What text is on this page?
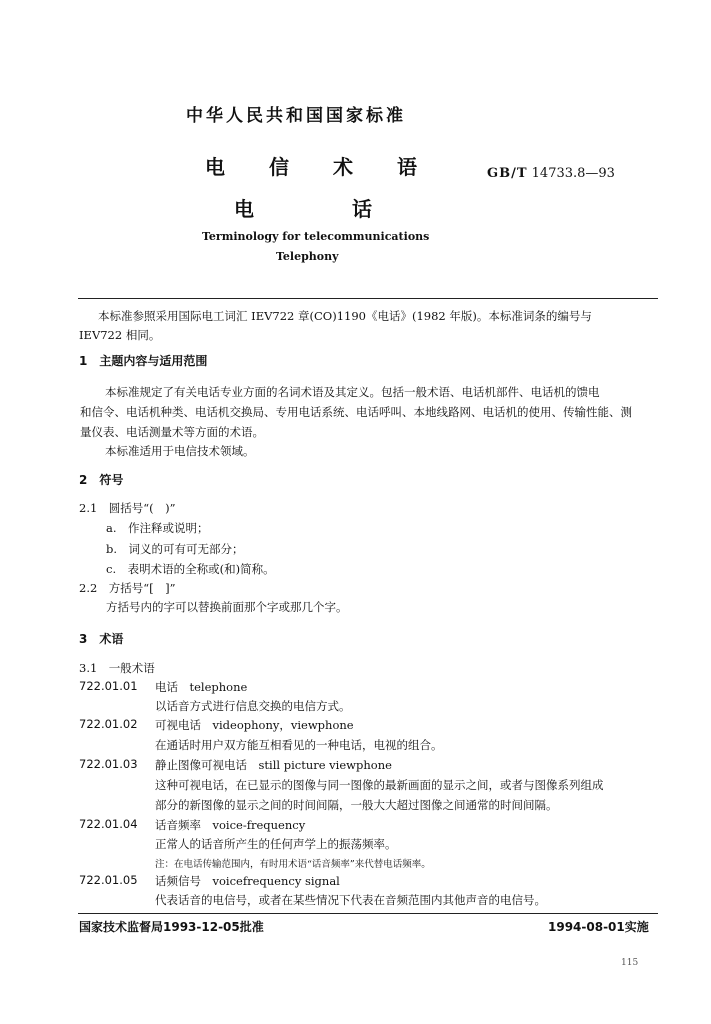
中华人民共和国国家标准
电信术语 GB/T 14733.8—93
电话
Terminology for telecommunications
Telephony
本标准参照采用国际电工词汇 IEV722 章(CO)1190《电话》(1982 年版)。本标准词条的编号与
IEV722 相同。
1　主题内容与适用范围
本标准规定了有关电话专业方面的名词术语及其定义。包括一般术语、电话机部件、电话机的馈电
和信令、电话机种类、电话机交换局、专用电话系统、电话呼叫、本地线路网、电话机的使用、传输性能、测
量仪表、电话测量术等方面的术语。
本标准适用于电信技术领域。
2　符号
2.1　圆括号“(　)”
a.　作注释或说明；
b.　词义的可有可无部分；
c.　表明术语的全称或(和)简称。
2.2　方括号“[　]”
方括号内的字可以替换前面那个字或那几个字。
3　术语
3.1　一般术语
722.01.01 电话　telephone
以话音方式进行信息交换的电信方式。
722.01.02 可视电话　videophony，viewphone
在通话时用户双方能互相看见的一种电话，电视的组合。
722.01.03 静止图像可视电话　still picture viewphone
这种可视电话，在已显示的图像与同一图像的最新画面的显示之间，或者与图像系列组成
部分的新图像的显示之间的时间间隔，一般大大超过图像之间通常的时间间隔。
722.01.04 话音频率　voice-frequency
正常人的话音所产生的任何声学上的振荡频率。
注：在电话传输范围内，有时用术语“话音频率”来代替电话频率。
722.01.05 话频信号　voicefrequency signal
代表话音的电信号，或者在某些情况下代表在音频范围内其他声音的电信号。
国家技术监督局1993-12-05批准	1994-08-01实施
115
